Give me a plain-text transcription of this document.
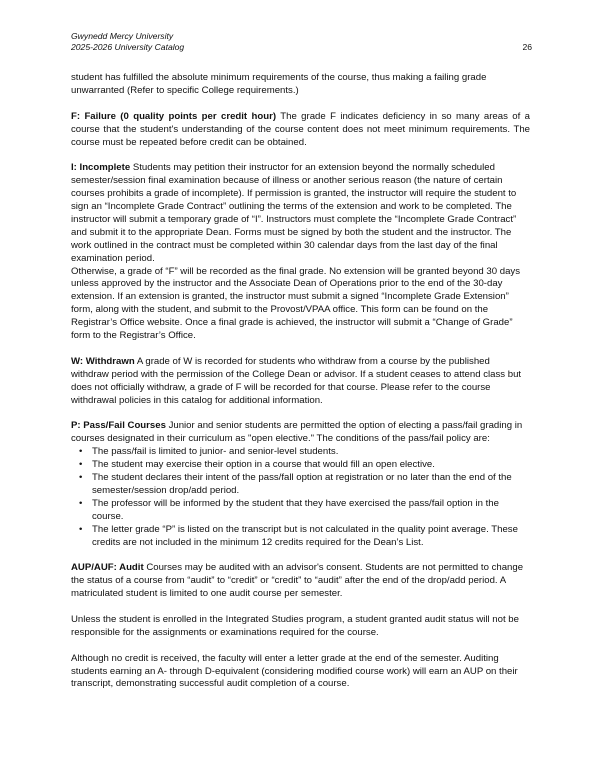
Gwynedd Mercy University
2025-2026 University Catalog	26

student has fulfilled the absolute minimum requirements of the course, thus making a failing grade unwarranted (Refer to specific College requirements.)

F: Failure (0 quality points per credit hour) The grade F indicates deficiency in so many areas of a course that the student's understanding of the course content does not meet minimum requirements. The course must be repeated before credit can be obtained.

I: Incomplete Students may petition their instructor for an extension beyond the normally scheduled semester/session final examination because of illness or another serious reason (the nature of certain courses prohibits a grade of incomplete). If permission is granted, the instructor will require the student to sign an “Incomplete Grade Contract” outlining the terms of the extension and work to be completed. The instructor will submit a temporary grade of “I”. Instructors must complete the “Incomplete Grade Contract” and submit it to the appropriate Dean. Forms must be signed by both the student and the instructor. The work outlined in the contract must be completed within 30 calendar days from the last day of the final examination period.

Otherwise, a grade of “F” will be recorded as the final grade. No extension will be granted beyond 30 days unless approved by the instructor and the Associate Dean of Operations prior to the end of the 30-day extension. If an extension is granted, the instructor must submit a signed “Incomplete Grade Extension” form, along with the student, and submit to the Provost/VPAA office. This form can be found on the Registrar’s Office website. Once a final grade is achieved, the instructor will submit a “Change of Grade” form to the Registrar’s Office.

W: Withdrawn A grade of W is recorded for students who withdraw from a course by the published withdraw period with the permission of the College Dean or advisor. If a student ceases to attend class but does not officially withdraw, a grade of F will be recorded for that course. Please refer to the course withdrawal policies in this catalog for additional information.

P: Pass/Fail Courses Junior and senior students are permitted the option of electing a pass/fail grading in courses designated in their curriculum as "open elective." The conditions of the pass/fail policy are:

• The pass/fail is limited to junior- and senior-level students.
• The student may exercise their option in a course that would fill an open elective.
• The student declares their intent of the pass/fall option at registration or no later than the end of the semester/session drop/add period.
• The professor will be informed by the student that they have exercised the pass/fail option in the course.
• The letter grade “P” is listed on the transcript but is not calculated in the quality point average. These credits are not included in the minimum 12 credits required for the Dean’s List.

AUP/AUF: Audit Courses may be audited with an advisor's consent. Students are not permitted to change the status of a course from “audit” to “credit” or “credit” to “audit” after the end of the drop/add period. A matriculated student is limited to one audit course per semester.

Unless the student is enrolled in the Integrated Studies program, a student granted audit status will not be responsible for the assignments or examinations required for the course.

Although no credit is received, the faculty will enter a letter grade at the end of the semester. Auditing students earning an A- through D-equivalent (considering modified course work) will earn an AUP on their transcript, demonstrating successful audit completion of a course.
